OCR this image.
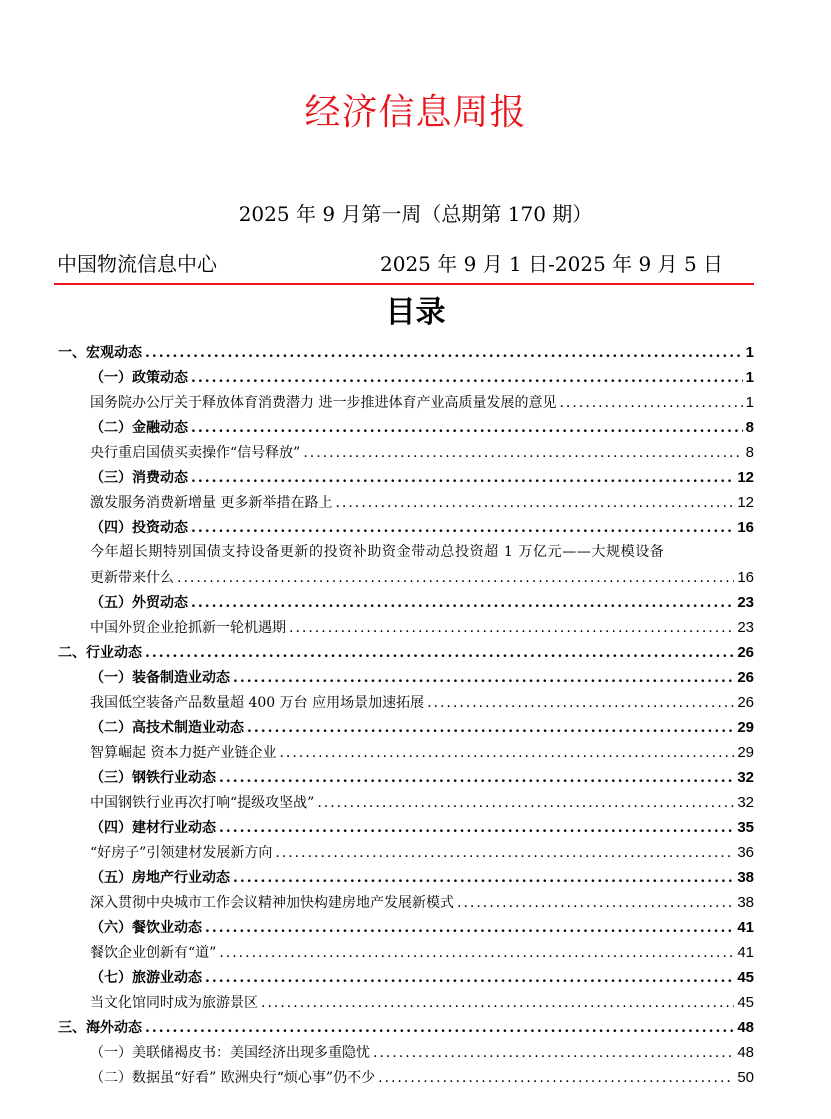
经济信息周报
2025 年 9 月第一周（总期第 170 期）
中国物流信息中心	2025 年 9 月 1 日-2025 年 9 月 5 日
目录
一、宏观动态 .....	1
（一）政策动态 .....	1
国务院办公厅关于释放体育消费潜力 进一步推进体育产业高质量发展的意见 .....	1
（二）金融动态 .....	8
央行重启国债买卖操作“信号释放” .....	8
（三）消费动态 .....	12
激发服务消费新增量 更多新举措在路上 .....	12
（四）投资动态 .....	16
今年超长期特别国债支持设备更新的投资补助资金带动总投资超 1 万亿元——大规模设备
更新带来什么 .....	16
（五）外贸动态 .....	23
中国外贸企业抢抓新一轮机遇期 .....	23
二、行业动态 .....	26
（一）装备制造业动态 .....	26
我国低空装备产品数量超 400 万台 应用场景加速拓展 .....	26
（二）高技术制造业动态 .....	29
智算崛起 资本力挺产业链企业 .....	29
（三）钢铁行业动态 .....	32
中国钢铁行业再次打响“提级攻坚战” .....	32
（四）建材行业动态 .....	35
“好房子”引领建材发展新方向 .....	36
（五）房地产行业动态 .....	38
深入贯彻中央城市工作会议精神加快构建房地产发展新模式 .....	38
（六）餐饮业动态 .....	41
餐饮企业创新有“道” .....	41
（七）旅游业动态 .....	45
当文化馆同时成为旅游景区 .....	45
三、海外动态 .....	48
（一）美联储褐皮书：美国经济出现多重隐忧 .....	48
（二）数据虽“好看” 欧洲央行“烦心事”仍不少 .....	50
